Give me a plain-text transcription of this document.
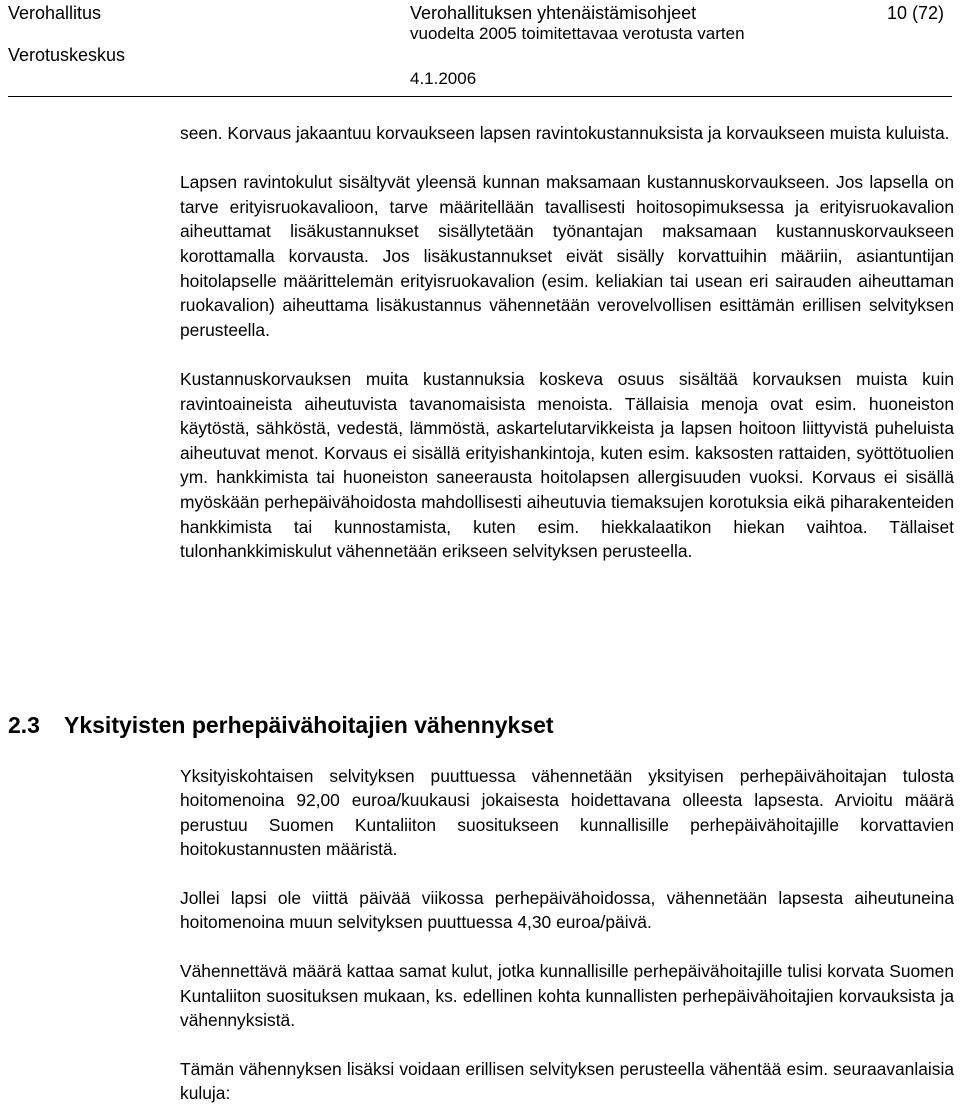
Verohallitus
Verotuskeskus
Verohallituksen yhtenäistämisohjeet
vuodelta 2005 toimitettavaa verotusta varten
4.1.2006
10 (72)

seen. Korvaus jakaantuu korvaukseen lapsen ravintokustannuksista ja korvaukseen muista kuluista.

Lapsen ravintokulut sisältyvät yleensä kunnan maksamaan kustannuskorvaukseen. Jos lapsella on tarve erityisruokavalioon, tarve määritellään tavallisesti hoitosopimuksessa ja erityisruokavalion aiheuttamat lisäkustannukset sisällytetään työnantajan maksamaan kustannuskorvaukseen korottamalla korvausta. Jos lisäkustannukset eivät sisälly korvattuihin määriin, asiantuntijan hoitolapselle määrittelemän erityisruokavalion (esim. keliakian tai usean eri sairauden aiheuttaman ruokavalion) aiheuttama lisäkustannus vähennetään verovelvollisen esittämän erillisen selvityksen perusteella.

Kustannuskorvauksen muita kustannuksia koskeva osuus sisältää korvauksen muista kuin ravintoaineista aiheutuvista tavanomaisista menoista. Tällaisia menoja ovat esim. huoneiston käytöstä, sähköstä, vedestä, lämmöstä, askartelutarvikkeista ja lapsen hoitoon liittyvistä puheluista aiheutuvat menot. Korvaus ei sisällä erityishankintoja, kuten esim. kaksosten rattaiden, syöttötuolien ym. hankkimista tai huoneiston saneerausta hoitolapsen allergisuuden vuoksi. Korvaus ei sisällä myöskään perhepäivähoidosta mahdollisesti aiheutuvia tiemaksujen korotuksia eikä piharakenteiden hankkimista tai kunnostamista, kuten esim. hiekkalaatikon hiekan vaihtoa. Tällaiset tulonhankkimiskulut vähennetään erikseen selvityksen perusteella.

2.3 Yksityisten perhepäivähoitajien vähennykset

Yksityiskohtaisen selvityksen puuttuessa vähennetään yksityisen perhepäivähoitajan tulosta hoitomenoina 92,00 euroa/kuukausi jokaisesta hoidettavana olleesta lapsesta. Arvioitu määrä perustuu Suomen Kuntaliiton suositukseen kunnallisille perhepäivähoitajille korvattavien hoitokustannusten määristä.

Jollei lapsi ole viittä päivää viikossa perhepäivähoidossa, vähennetään lapsesta aiheutuneina hoitomenoina muun selvityksen puuttuessa 4,30 euroa/päivä.

Vähennettävä määrä kattaa samat kulut, jotka kunnallisille perhepäivähoitajille tulisi korvata Suomen Kuntaliiton suosituksen mukaan, ks. edellinen kohta kunnallisten perhepäivähoitajien korvauksista ja vähennyksistä.

Tämän vähennyksen lisäksi voidaan erillisen selvityksen perusteella vähentää esim. seuraavanlaisia kuluja:
